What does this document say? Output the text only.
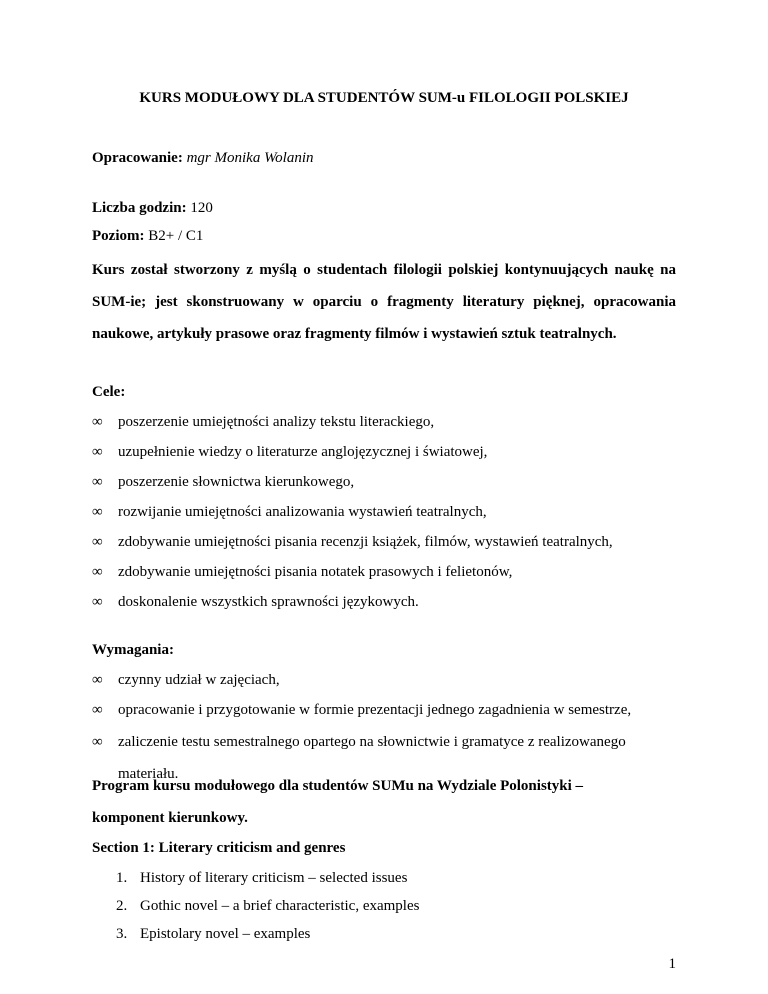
KURS MODUŁOWY DLA STUDENTÓW SUM-u FILOLOGII POLSKIEJ
Opracowanie: mgr Monika Wolanin
Liczba godzin: 120
Poziom: B2+ / C1
Kurs został stworzony z myślą o studentach filologii polskiej kontynuujących naukę na SUM-ie; jest skonstruowany w oparciu o fragmenty literatury pięknej, opracowania naukowe, artykuły prasowe oraz fragmenty filmów i wystawień sztuk teatralnych.
Cele:
∞ poszerzenie umiejętności analizy tekstu literackiego,
∞ uzupełnienie wiedzy o literaturze anglojęzycznej i światowej,
∞ poszerzenie słownictwa kierunkowego,
∞ rozwijanie umiejętności analizowania wystawień teatralnych,
∞ zdobywanie umiejętności pisania recenzji książek, filmów, wystawień teatralnych,
∞ zdobywanie umiejętności pisania notatek prasowych i felietonów,
∞ doskonalenie wszystkich sprawności językowych.
Wymagania:
∞ czynny udział w zajęciach,
∞ opracowanie i przygotowanie w formie prezentacji jednego zagadnienia w semestrze,
∞ zaliczenie testu semestralnego opartego na słownictwie i gramatyce z realizowanego materiału.
Program kursu modułowego dla studentów SUMu na Wydziale Polonistyki –
komponent kierunkowy.
1
Section 1: Literary criticism and genres
1. History of literary criticism – selected issues
2. Gothic novel – a brief characteristic, examples
3. Epistolary novel – examples
